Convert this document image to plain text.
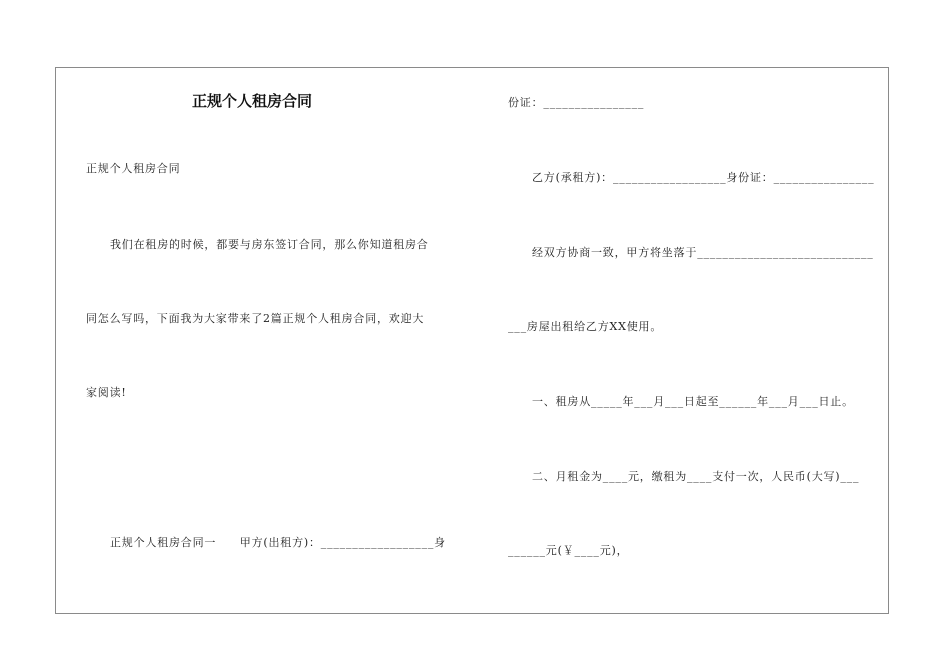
正规个人租房合同
正规个人租房合同
我们在租房的时候，都要与房东签订合同，那么你知道租房合
同怎么写吗，下面我为大家带来了2篇正规个人租房合同，欢迎大
家阅读!
正规个人租房合同一　　甲方(出租方)：__________________身
份证：________________
乙方(承租方)：__________________身份证：________________
经双方协商一致，甲方将坐落于____________________________
___房屋出租给乙方XX使用。
一、租房从_____年___月___日起至______年___月___日止。
二、月租金为____元，缴租为____支付一次，人民币(大写)___
______元(￥____元)，
